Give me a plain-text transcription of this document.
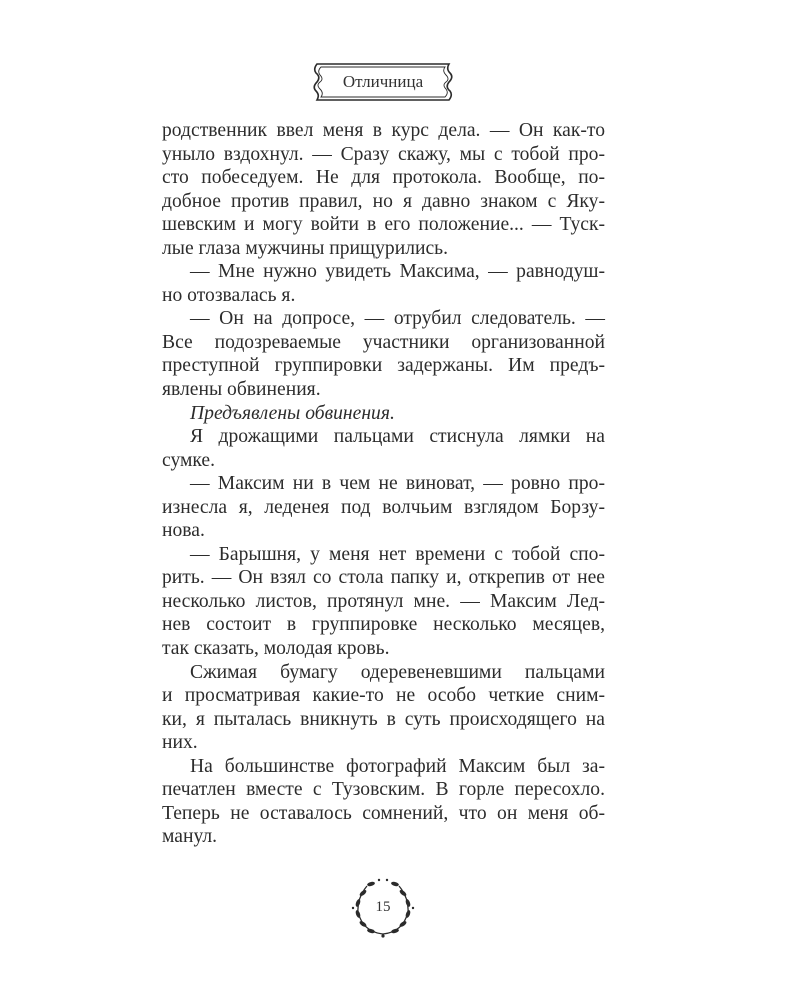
Отличница
родственник ввел меня в курс дела. — Он как-то
уныло вздохнул. — Сразу скажу, мы с тобой про-
сто побеседуем. Не для протокола. Вообще, по-
добное против правил, но я давно знаком с Яку-
шевским и могу войти в его положение... — Туск-
лые глаза мужчины прищурились.
— Мне нужно увидеть Максима, — равнодуш-
но отозвалась я.
— Он на допросе, — отрубил следователь. —
Все подозреваемые участники организованной
преступной группировки задержаны. Им предъ-
явлены обвинения.
Предъявлены обвинения.
Я дрожащими пальцами стиснула лямки на
сумке.
— Максим ни в чем не виноват, — ровно про-
изнесла я, леденея под волчьим взглядом Борзу-
нова.
— Барышня, у меня нет времени с тобой спо-
рить. — Он взял со стола папку и, открепив от нее
несколько листов, протянул мне. — Максим Лед-
нев состоит в группировке несколько месяцев,
так сказать, молодая кровь.
Сжимая бумагу одеревеневшими пальцами
и просматривая какие-то не особо четкие сним-
ки, я пыталась вникнуть в суть происходящего на
них.
На большинстве фотографий Максим был за-
печатлен вместе с Тузовским. В горле пересохло.
Теперь не оставалось сомнений, что он меня об-
манул.
15
